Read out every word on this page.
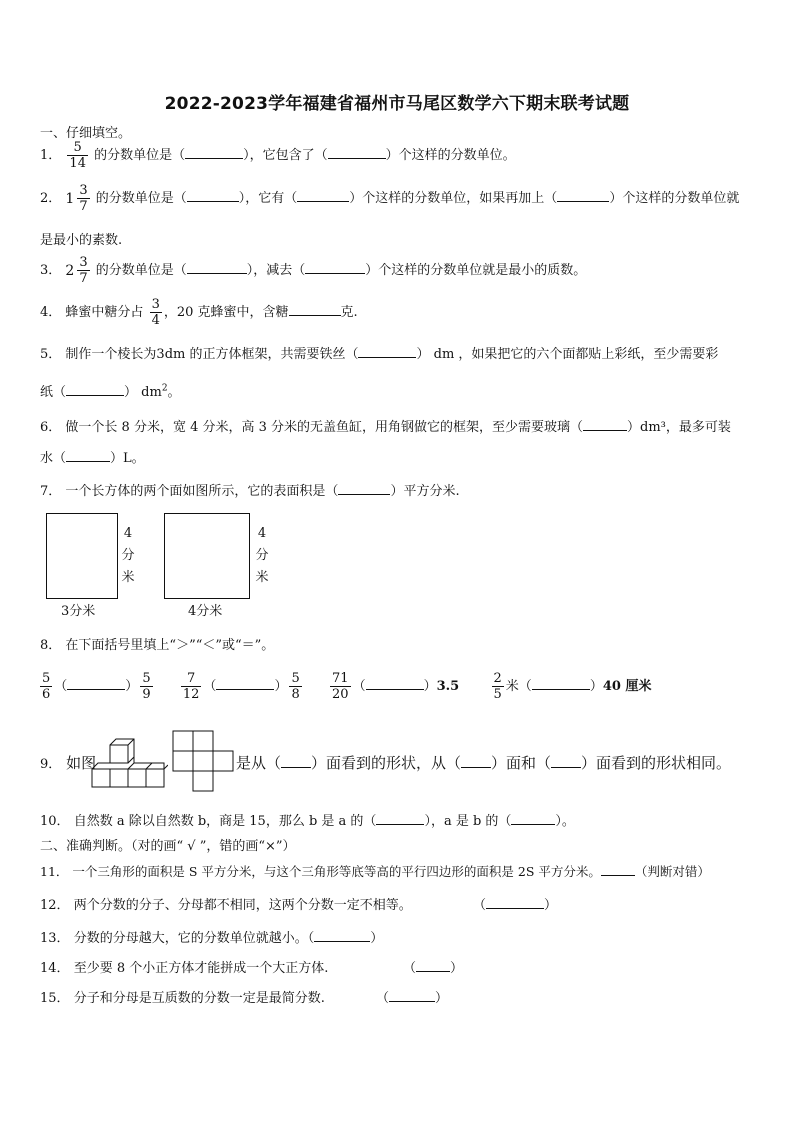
2022-2023学年福建省福州市马尾区数学六下期末联考试题
一、仔细填空。
1． $\frac{5}{14}$ 的分数单位是（	），它包含了（	）个这样的分数单位。
2． $1 \frac{3}{7}$ 的分数单位是（	），它有（	）个这样的分数单位，如果再加上（	）个这样的分数单位就
是最小的素数.
3． $2 \frac{3}{7}$ 的分数单位是（	），减去（	）个这样的分数单位就是最小的质数。
4． 蜂蜜中糖分占 $\frac{3}{4}$ ，20 克蜂蜜中，含糖	克.
5． 制作一个棱长为3dm 的正方体框架，共需要铁丝（	） dm ，如果把它的六个面都贴上彩纸，至少需要彩
纸（	） $dm^2$。
6． 做一个长 8 分米，宽 4 分米，高 3 分米的无盖鱼缸，用角钢做它的框架，至少需要玻璃（	）dm³，最多可装
水（	）L。
7． 一个长方体的两个面如图所示，它的表面积是（	）平方分米.
4
分
米
3分米
4
分
米
4分米
8． 在下面括号里填上“＞”“＜”或“＝”。
$\frac{5}{6}$ （	） $\frac{5}{9}$
$\frac{7}{12}$ （	） $\frac{5}{8}$
$\frac{71}{20}$ （	）$3.5 \frac{2}{5}$ 米（	）40 厘米
9． 如图	是从（ ）面看到的形状，从（ ）面和（ ）面看到的形状相同。
10． 自然数 a 除以自然数 b，商是 15，那么 b 是 a 的（	），a 是 b 的（	）。
二、准确判断。（对的画“ √ ”，错的画“×”）
11． 一个三角形的面积是 S 平方分米，与这个三角形等底等高的平行四边形的面积是 2S 平方分米。	（判断对错）
12． 两个分数的分子、分母都不相同，这两个分数一定不相等。	（	）
13． 分数的分母越大，它的分数单位就越小。（	）
14． 至少要 8 个小正方体才能拼成一个大正方体.	（	）
15． 分子和分母是互质数的分数一定是最简分数.	（	）
